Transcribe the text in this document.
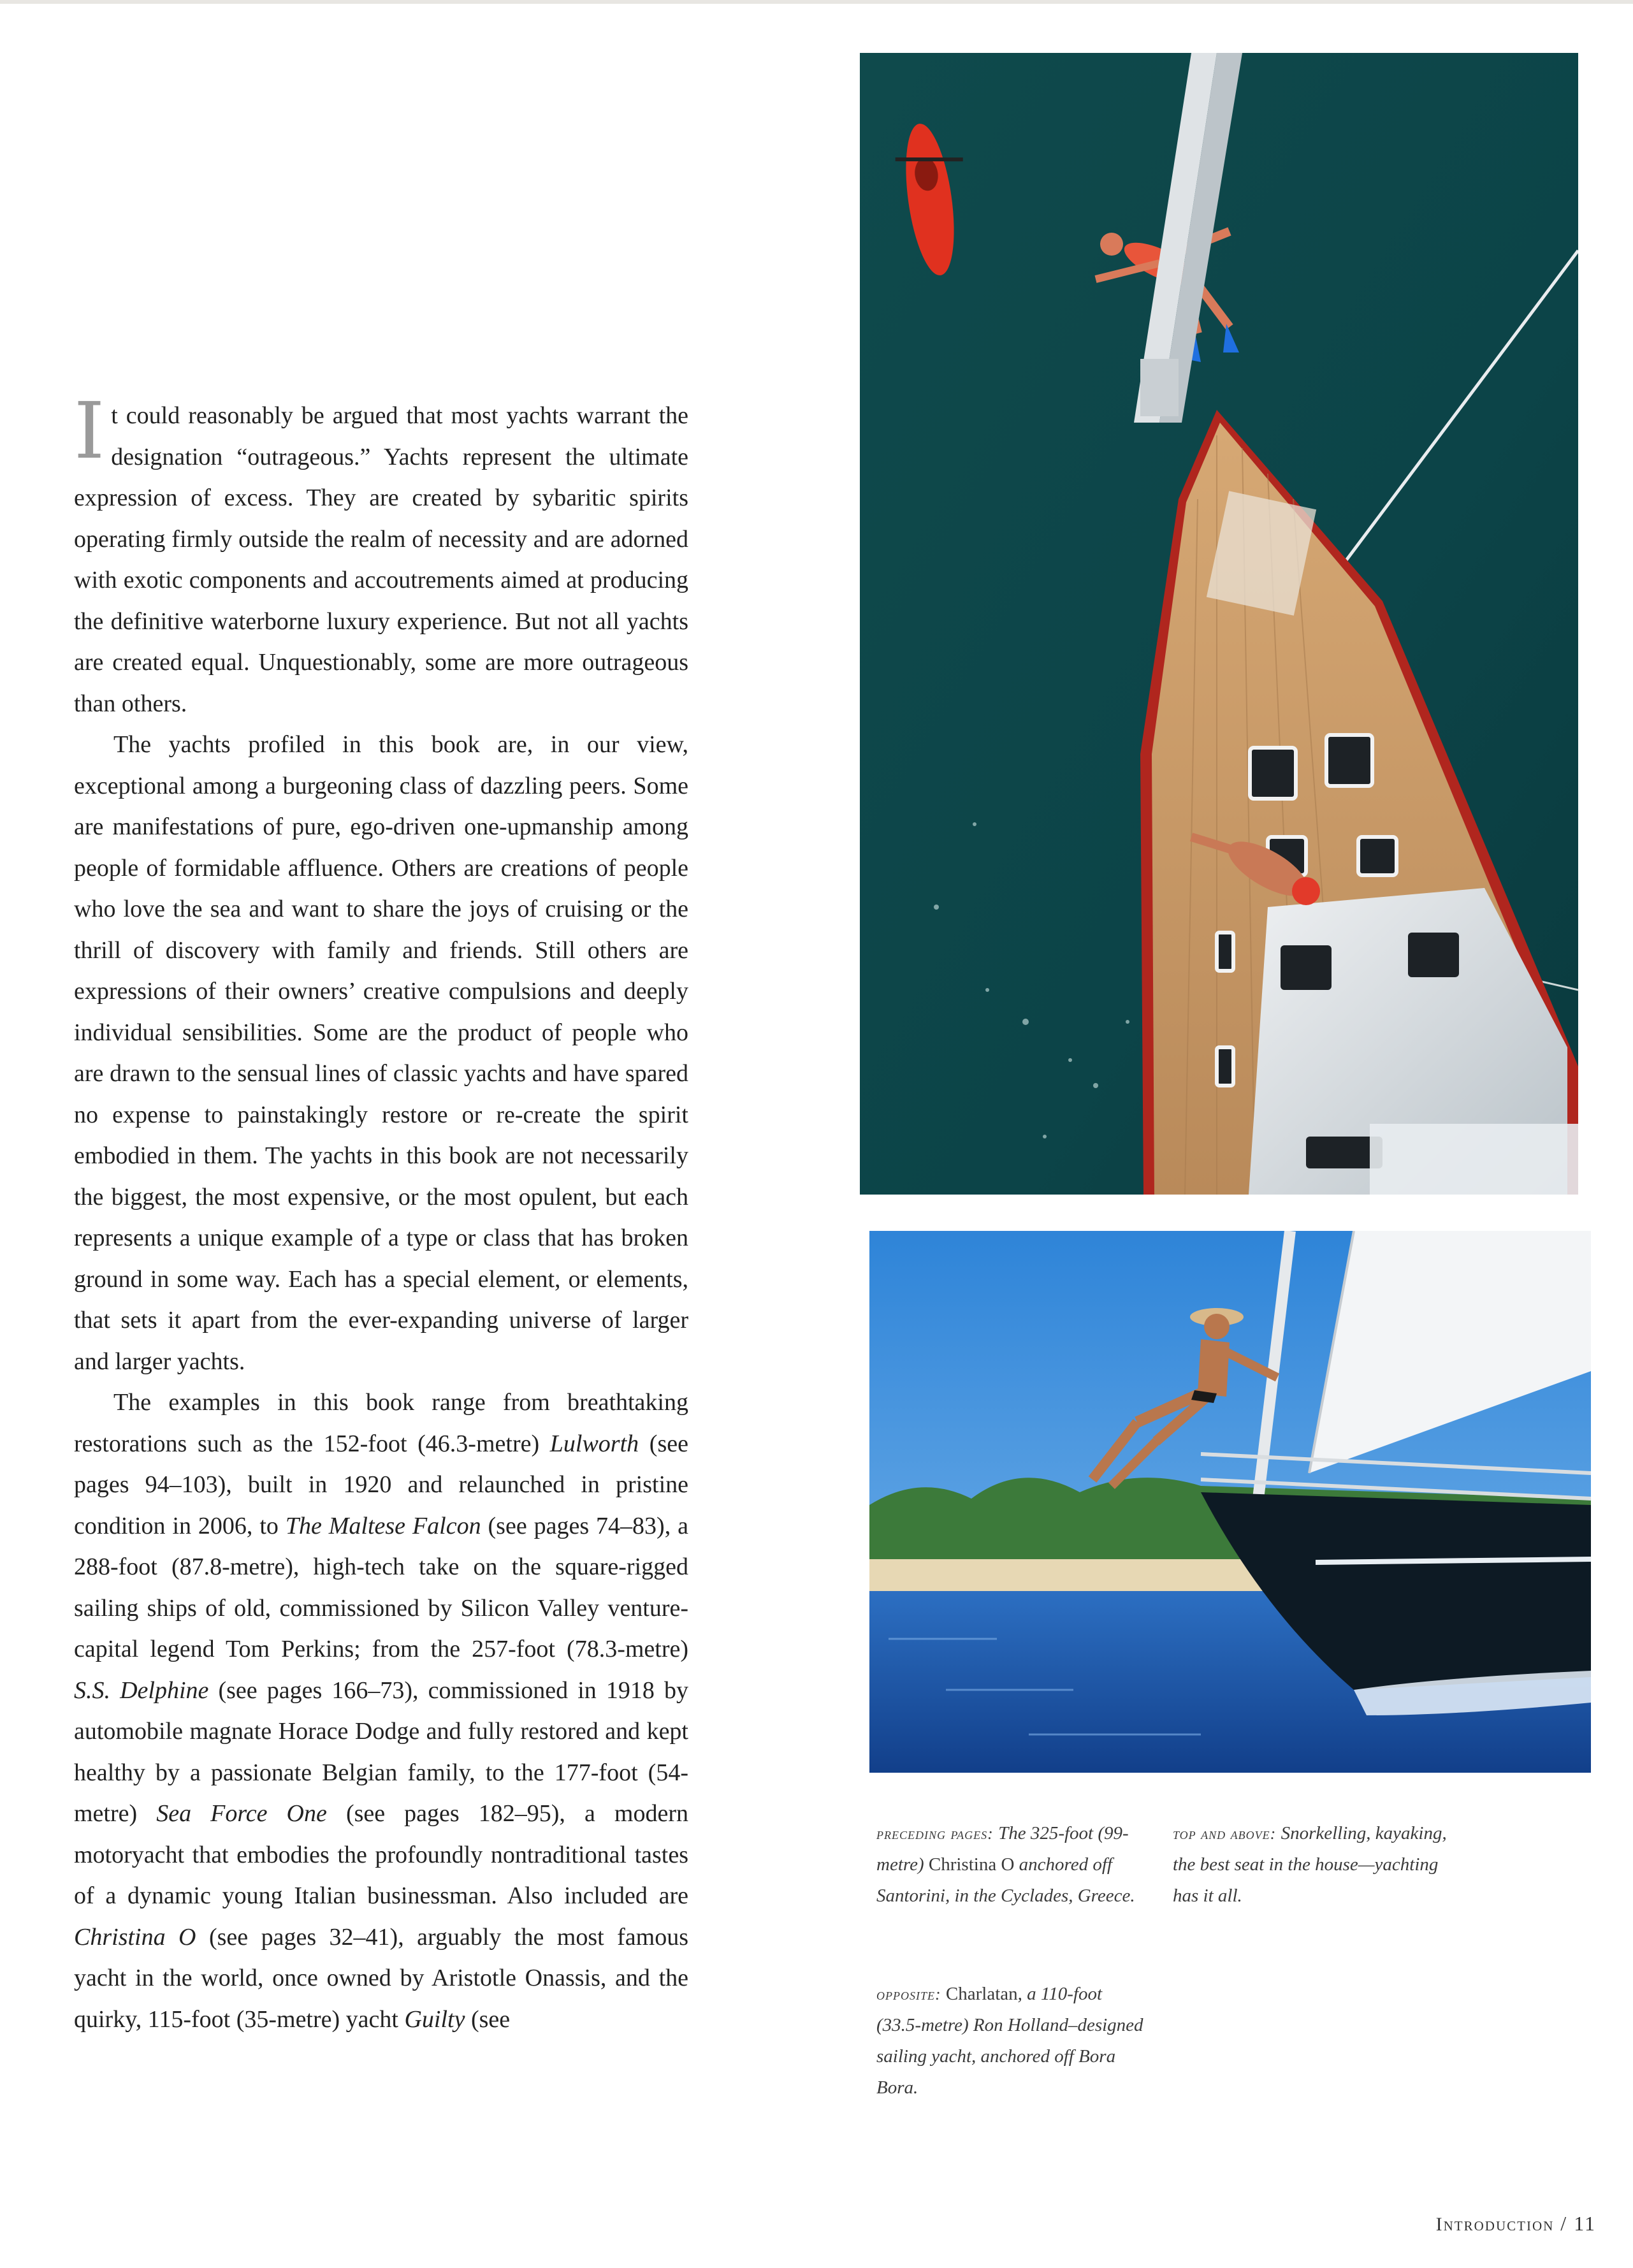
It could reasonably be argued that most yachts warrant the designation “outrageous.” Yachts represent the ultimate expression of excess. They are created by sybaritic spirits operating firmly outside the realm of necessity and are adorned with exotic components and accoutrements aimed at producing the definitive waterborne luxury experience. But not all yachts are created equal. Unquestionably, some are more outrageous than others.

The yachts profiled in this book are, in our view, exceptional among a burgeoning class of dazzling peers. Some are manifestations of pure, ego-driven one-upmanship among people of formidable affluence. Others are creations of people who love the sea and want to share the joys of cruising or the thrill of discovery with family and friends. Still others are expressions of their owners’ creative compulsions and deeply individual sensibilities. Some are the product of people who are drawn to the sensual lines of classic yachts and have spared no expense to painstakingly restore or re-create the spirit embodied in them. The yachts in this book are not necessarily the biggest, the most expensive, or the most opulent, but each represents a unique example of a type or class that has broken ground in some way. Each has a special element, or elements, that sets it apart from the ever-expanding universe of larger and larger yachts.

The examples in this book range from breathtaking restorations such as the 152-foot (46.3-metre) Lulworth (see pages 94–103), built in 1920 and relaunched in pristine condition in 2006, to The Maltese Falcon (see pages 74–83), a 288-foot (87.8-metre), high-tech take on the square-rigged sailing ships of old, commissioned by Silicon Valley venture-capital legend Tom Perkins; from the 257-foot (78.3-metre) S.S. Delphine (see pages 166–73), commissioned in 1918 by automobile magnate Horace Dodge and fully restored and kept healthy by a passionate Belgian family, to the 177-foot (54-metre) Sea Force One (see pages 182–95), a modern motoryacht that embodies the profoundly nontraditional tastes of a dynamic young Italian businessman. Also included are Christina O (see pages 32–41), arguably the most famous yacht in the world, once owned by Aristotle Onassis, and the quirky, 115-foot (35-metre) yacht Guilty (see

preceding pages: The 325-foot (99-metre) Christina O anchored off Santorini, in the Cyclades, Greece.
opposite: Charlatan, a 110-foot (33.5-metre) Ron Holland–designed sailing yacht, anchored off Bora Bora.
top and above: Snorkelling, kayaking, the best seat in the house—yachting has it all.
Introduction / 11
